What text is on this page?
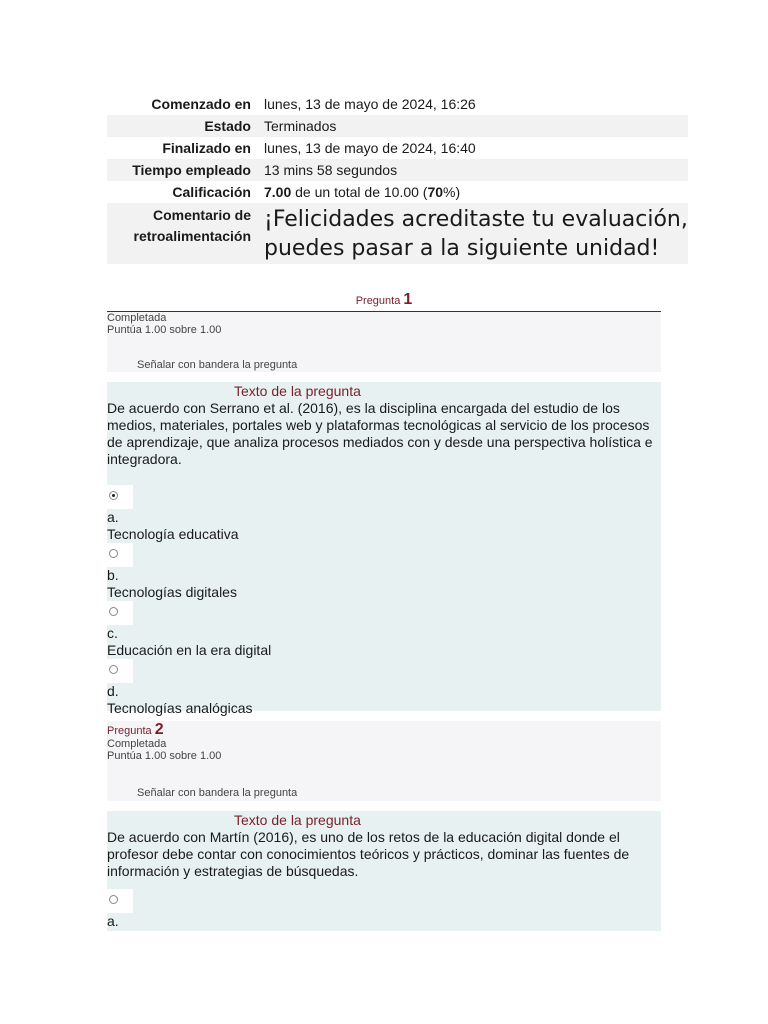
Comenzado en lunes, 13 de mayo de 2024, 16:26
Estado Terminados
Finalizado en lunes, 13 de mayo de 2024, 16:40
Tiempo empleado 13 mins 58 segundos
Calificación 7.00 de un total de 10.00 (70%)
Comentario de
retroalimentación
¡Felicidades acreditaste tu evaluación, puedes pasar a la siguiente unidad!
Pregunta 1
Completada
Puntúa 1.00 sobre 1.00
Señalar con bandera la pregunta
Texto de la pregunta
De acuerdo con Serrano et al. (2016), es la disciplina encargada del estudio de los medios, materiales, portales web y plataformas tecnológicas al servicio de los procesos de aprendizaje, que analiza procesos mediados con y desde una perspectiva holística e integradora.
a.
Tecnología educativa
b.
Tecnologías digitales
c.
Educación en la era digital
d.
Tecnologías analógicas
Pregunta 2
Completada
Puntúa 1.00 sobre 1.00
Señalar con bandera la pregunta
Texto de la pregunta
De acuerdo con Martín (2016), es uno de los retos de la educación digital donde el profesor debe contar con conocimientos teóricos y prácticos, dominar las fuentes de información y estrategias de búsquedas.
a.
